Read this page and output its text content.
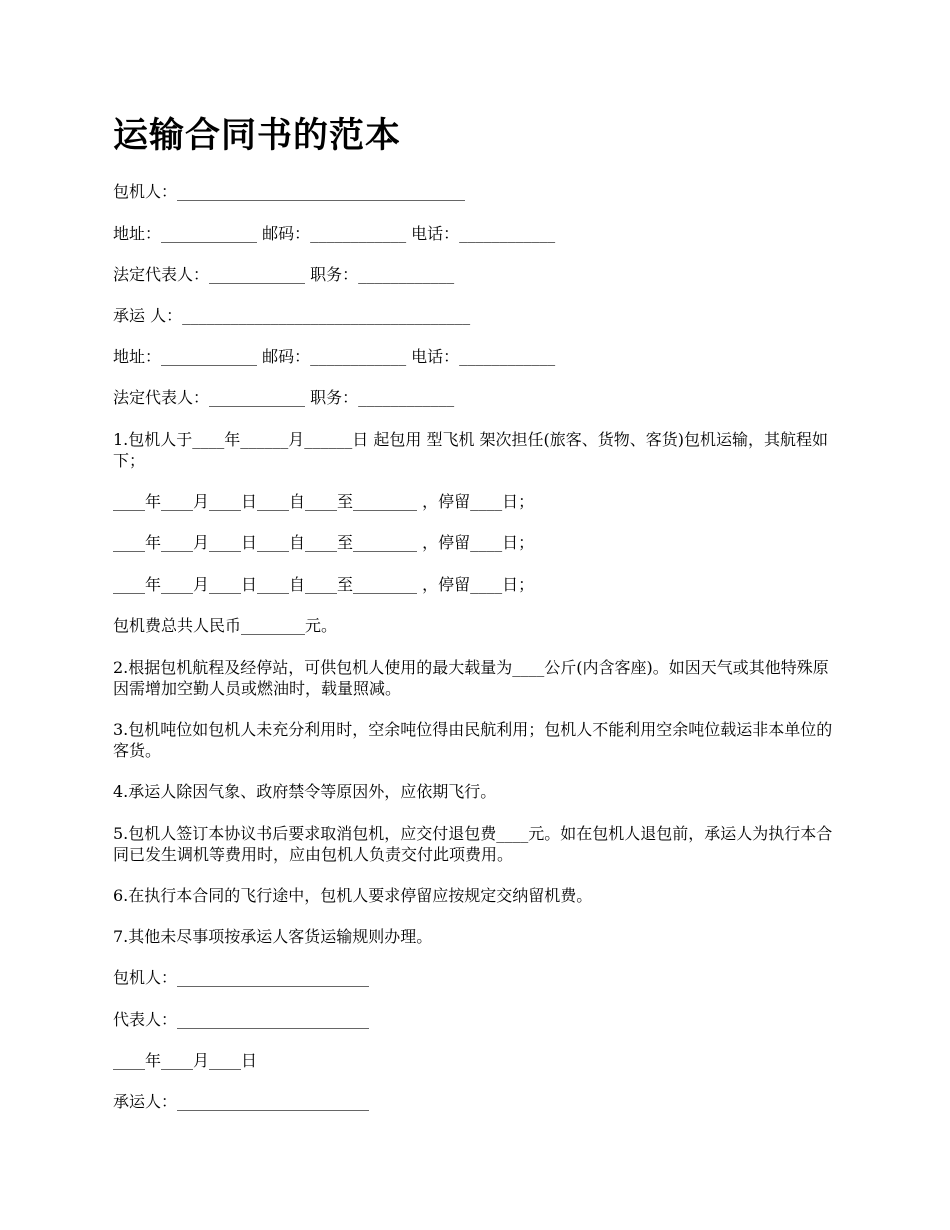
运输合同书的范本

包机人：____________________________________

地址：____________ 邮码：____________ 电话：____________

法定代表人：____________ 职务：____________

承运 人：____________________________________

地址：____________ 邮码：____________ 电话：____________

法定代表人：____________ 职务：____________

1.包机人于____年______月______日 起包用 型飞机 架次担任(旅客、货物、客货)包机运输，其航程如下；

____年____月____日____自____至________ ，停留____日；

____年____月____日____自____至________ ，停留____日；

____年____月____日____自____至________ ，停留____日；

包机费总共人民币________元。

2.根据包机航程及经停站，可供包机人使用的最大载量为____公斤(内含客座)。如因天气或其他特殊原因需增加空勤人员或燃油时，载量照减。

3.包机吨位如包机人未充分利用时，空余吨位得由民航利用；包机人不能利用空余吨位载运非本单位的客货。

4.承运人除因气象、政府禁令等原因外，应依期飞行。

5.包机人签订本协议书后要求取消包机，应交付退包费____元。如在包机人退包前，承运人为执行本合同已发生调机等费用时，应由包机人负责交付此项费用。

6.在执行本合同的飞行途中，包机人要求停留应按规定交纳留机费。

7.其他未尽事项按承运人客货运输规则办理。

包机人：________________________

代表人：________________________

____年____月____日

承运人：________________________
